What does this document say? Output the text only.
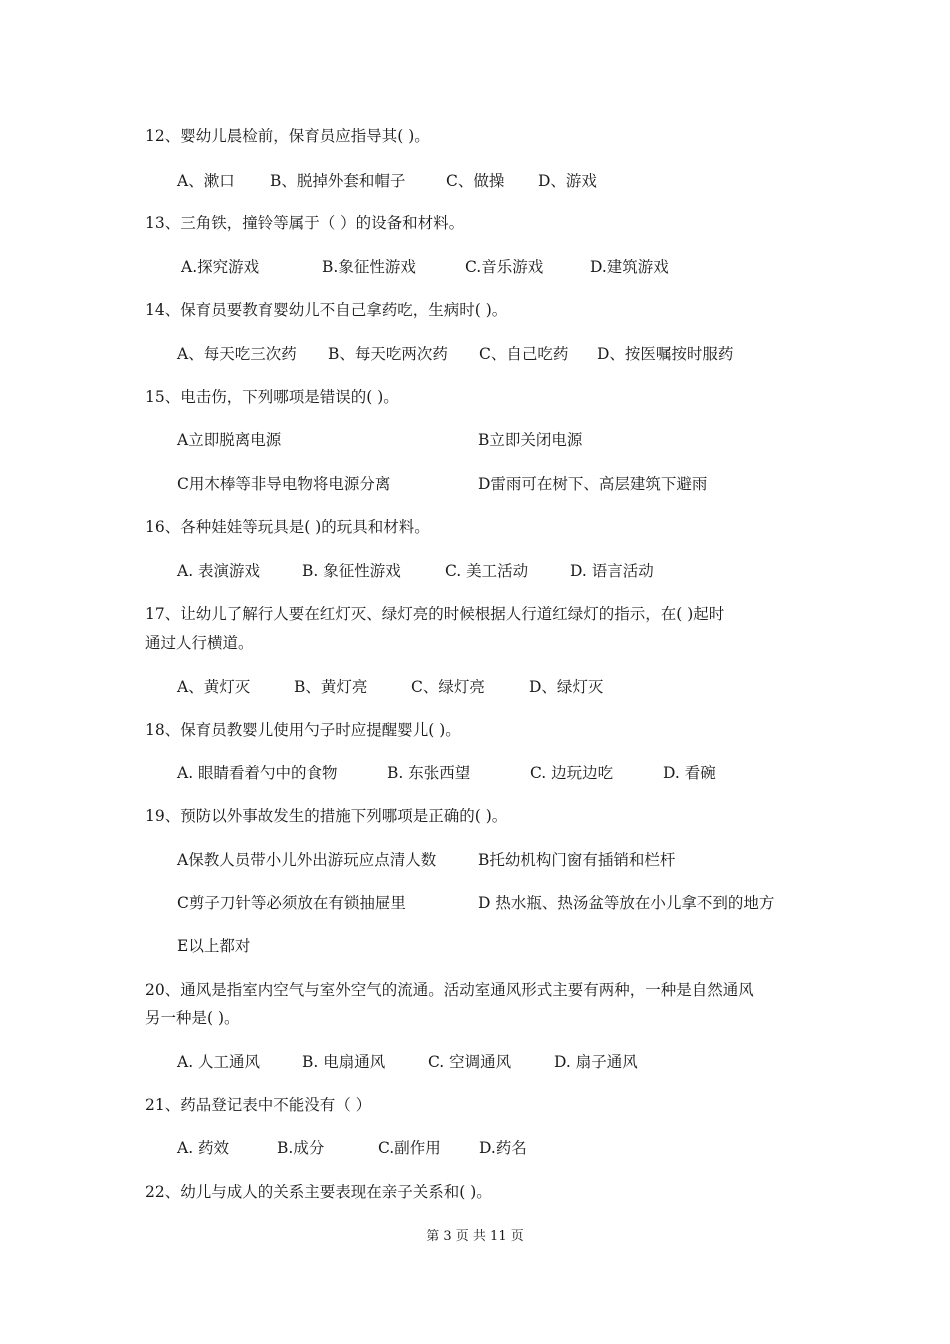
12、婴幼儿晨检前，保育员应指导其( )。
A、漱口 B、脱掉外套和帽子	C、做操 D、游戏
13、三角铁，撞铃等属于（ ）的设备和材料。
A.探究游戏	B.象征性游戏	C.音乐游戏	D.建筑游戏
14、保育员要教育婴幼儿不自己拿药吃，生病时( )。
A、每天吃三次药 B、每天吃两次药 C、自己吃药 D、按医嘱按时服药
15、电击伤，下列哪项是错误的( )。
A立即脱离电源	B立即关闭电源
C用木棒等非导电物将电源分离	D雷雨可在树下、高层建筑下避雨
16、各种娃娃等玩具是( )的玩具和材料。
A. 表演游戏	B. 象征性游戏	C. 美工活动	D. 语言活动
17、让幼儿了解行人要在红灯灭、绿灯亮的时候根据人行道红绿灯的指示，在( )起时
通过人行横道。
A、黄灯灭	B、黄灯亮	C、绿灯亮	D、绿灯灭
18、保育员教婴儿使用勺子时应提醒婴儿( )。
A. 眼睛看着勺中的食物	B. 东张西望	C. 边玩边吃	D. 看碗
19、预防以外事故发生的措施下列哪项是正确的( )。
A保教人员带小儿外出游玩应点清人数	B托幼机构门窗有插销和栏杆
C剪子刀针等必须放在有锁抽屉里	D 热水瓶、热汤盆等放在小儿拿不到的地方
E以上都对
20、通风是指室内空气与室外空气的流通。活动室通风形式主要有两种，一种是自然通风
另一种是( )。
A. 人工通风	B. 电扇通风	C. 空调通风	D. 扇子通风
21、药品登记表中不能没有（ ）
A. 药效	B.成分	C.副作用 D.药名
22、幼儿与成人的关系主要表现在亲子关系和( )。
第 3 页 共 11 页
